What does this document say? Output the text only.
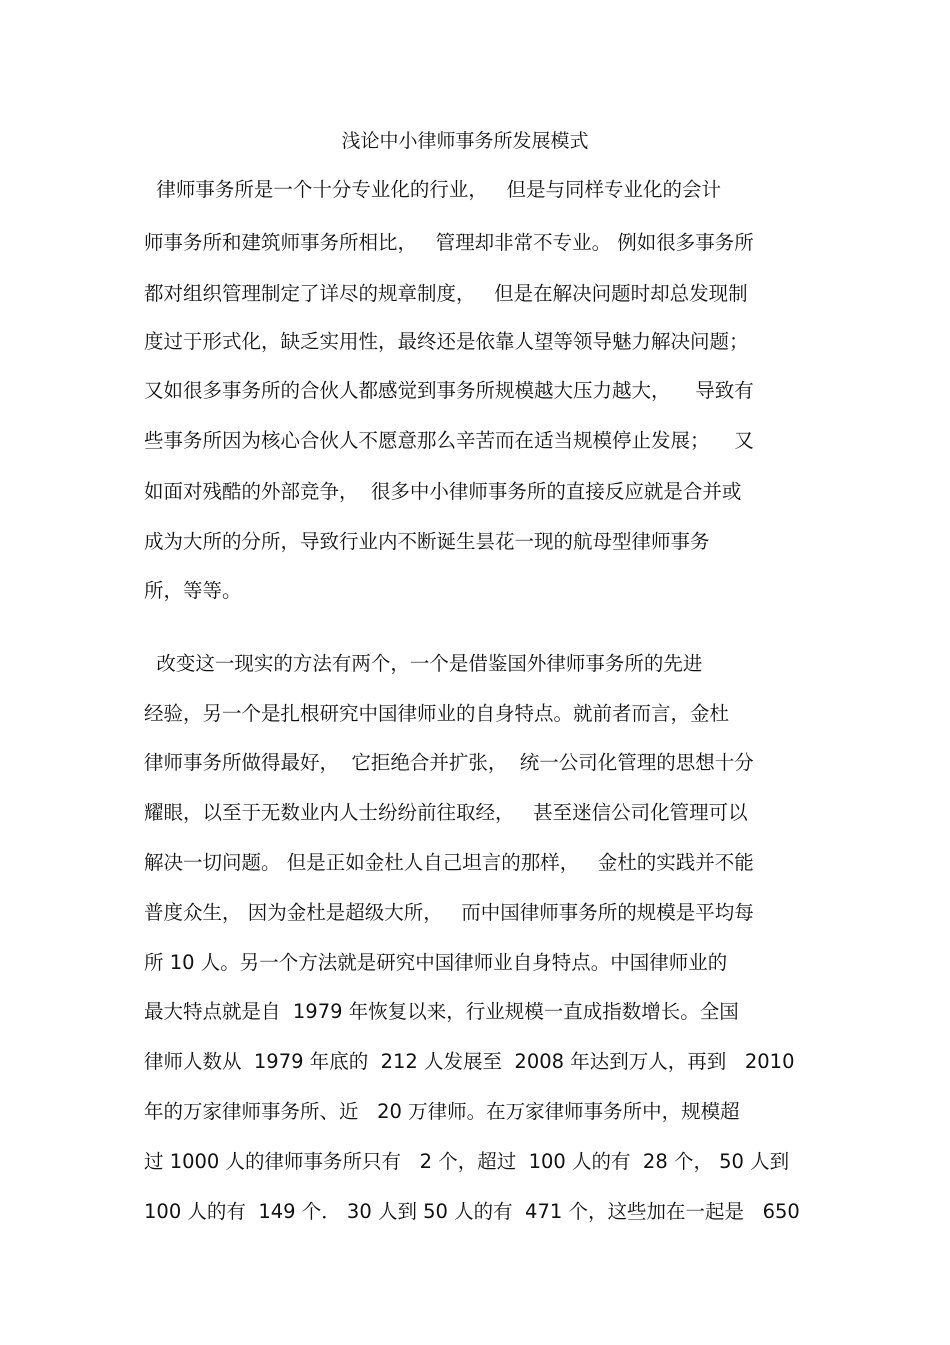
浅论中小律师事务所发展模式
律师事务所是一个十分专业化的行业，   但是与同样专业化的会计
师事务所和建筑师事务所相比，   管理却非常不专业。 例如很多事务所
都对组织管理制定了详尽的规章制度，   但是在解决问题时却总发现制
度过于形式化，缺乏实用性，最终还是依靠人望等领导魅力解决问题；
又如很多事务所的合伙人都感觉到事务所规模越大压力越大，    导致有
些事务所因为核心合伙人不愿意那么辛苦而在适当规模停止发展；    又
如面对残酷的外部竞争，  很多中小律师事务所的直接反应就是合并或
成为大所的分所，导致行业内不断诞生昙花一现的航母型律师事务
所，等等。
改变这一现实的方法有两个，一个是借鉴国外律师事务所的先进
经验，另一个是扎根研究中国律师业的自身特点。就前者而言，金杜
律师事务所做得最好，  它拒绝合并扩张，  统一公司化管理的思想十分
耀眼，以至于无数业内人士纷纷前往取经，   甚至迷信公司化管理可以
解决一切问题。 但是正如金杜人自己坦言的那样，   金杜的实践并不能
普度众生， 因为金杜是超级大所，   而中国律师事务所的规模是平均每
所 10 人。另一个方法就是研究中国律师业自身特点。中国律师业的
最大特点就是自  1979 年恢复以来，行业规模一直成指数增长。全国
律师人数从  1979 年底的  212 人发展至  2008 年达到万人，再到   2010
年的万家律师事务所、近   20 万律师。在万家律师事务所中，规模超
过 1000 人的律师事务所只有   2 个，超过  100 人的有  28 个， 50 人到
100 人的有  149 个． 30 人到 50 人的有  471 个，这些加在一起是   650
